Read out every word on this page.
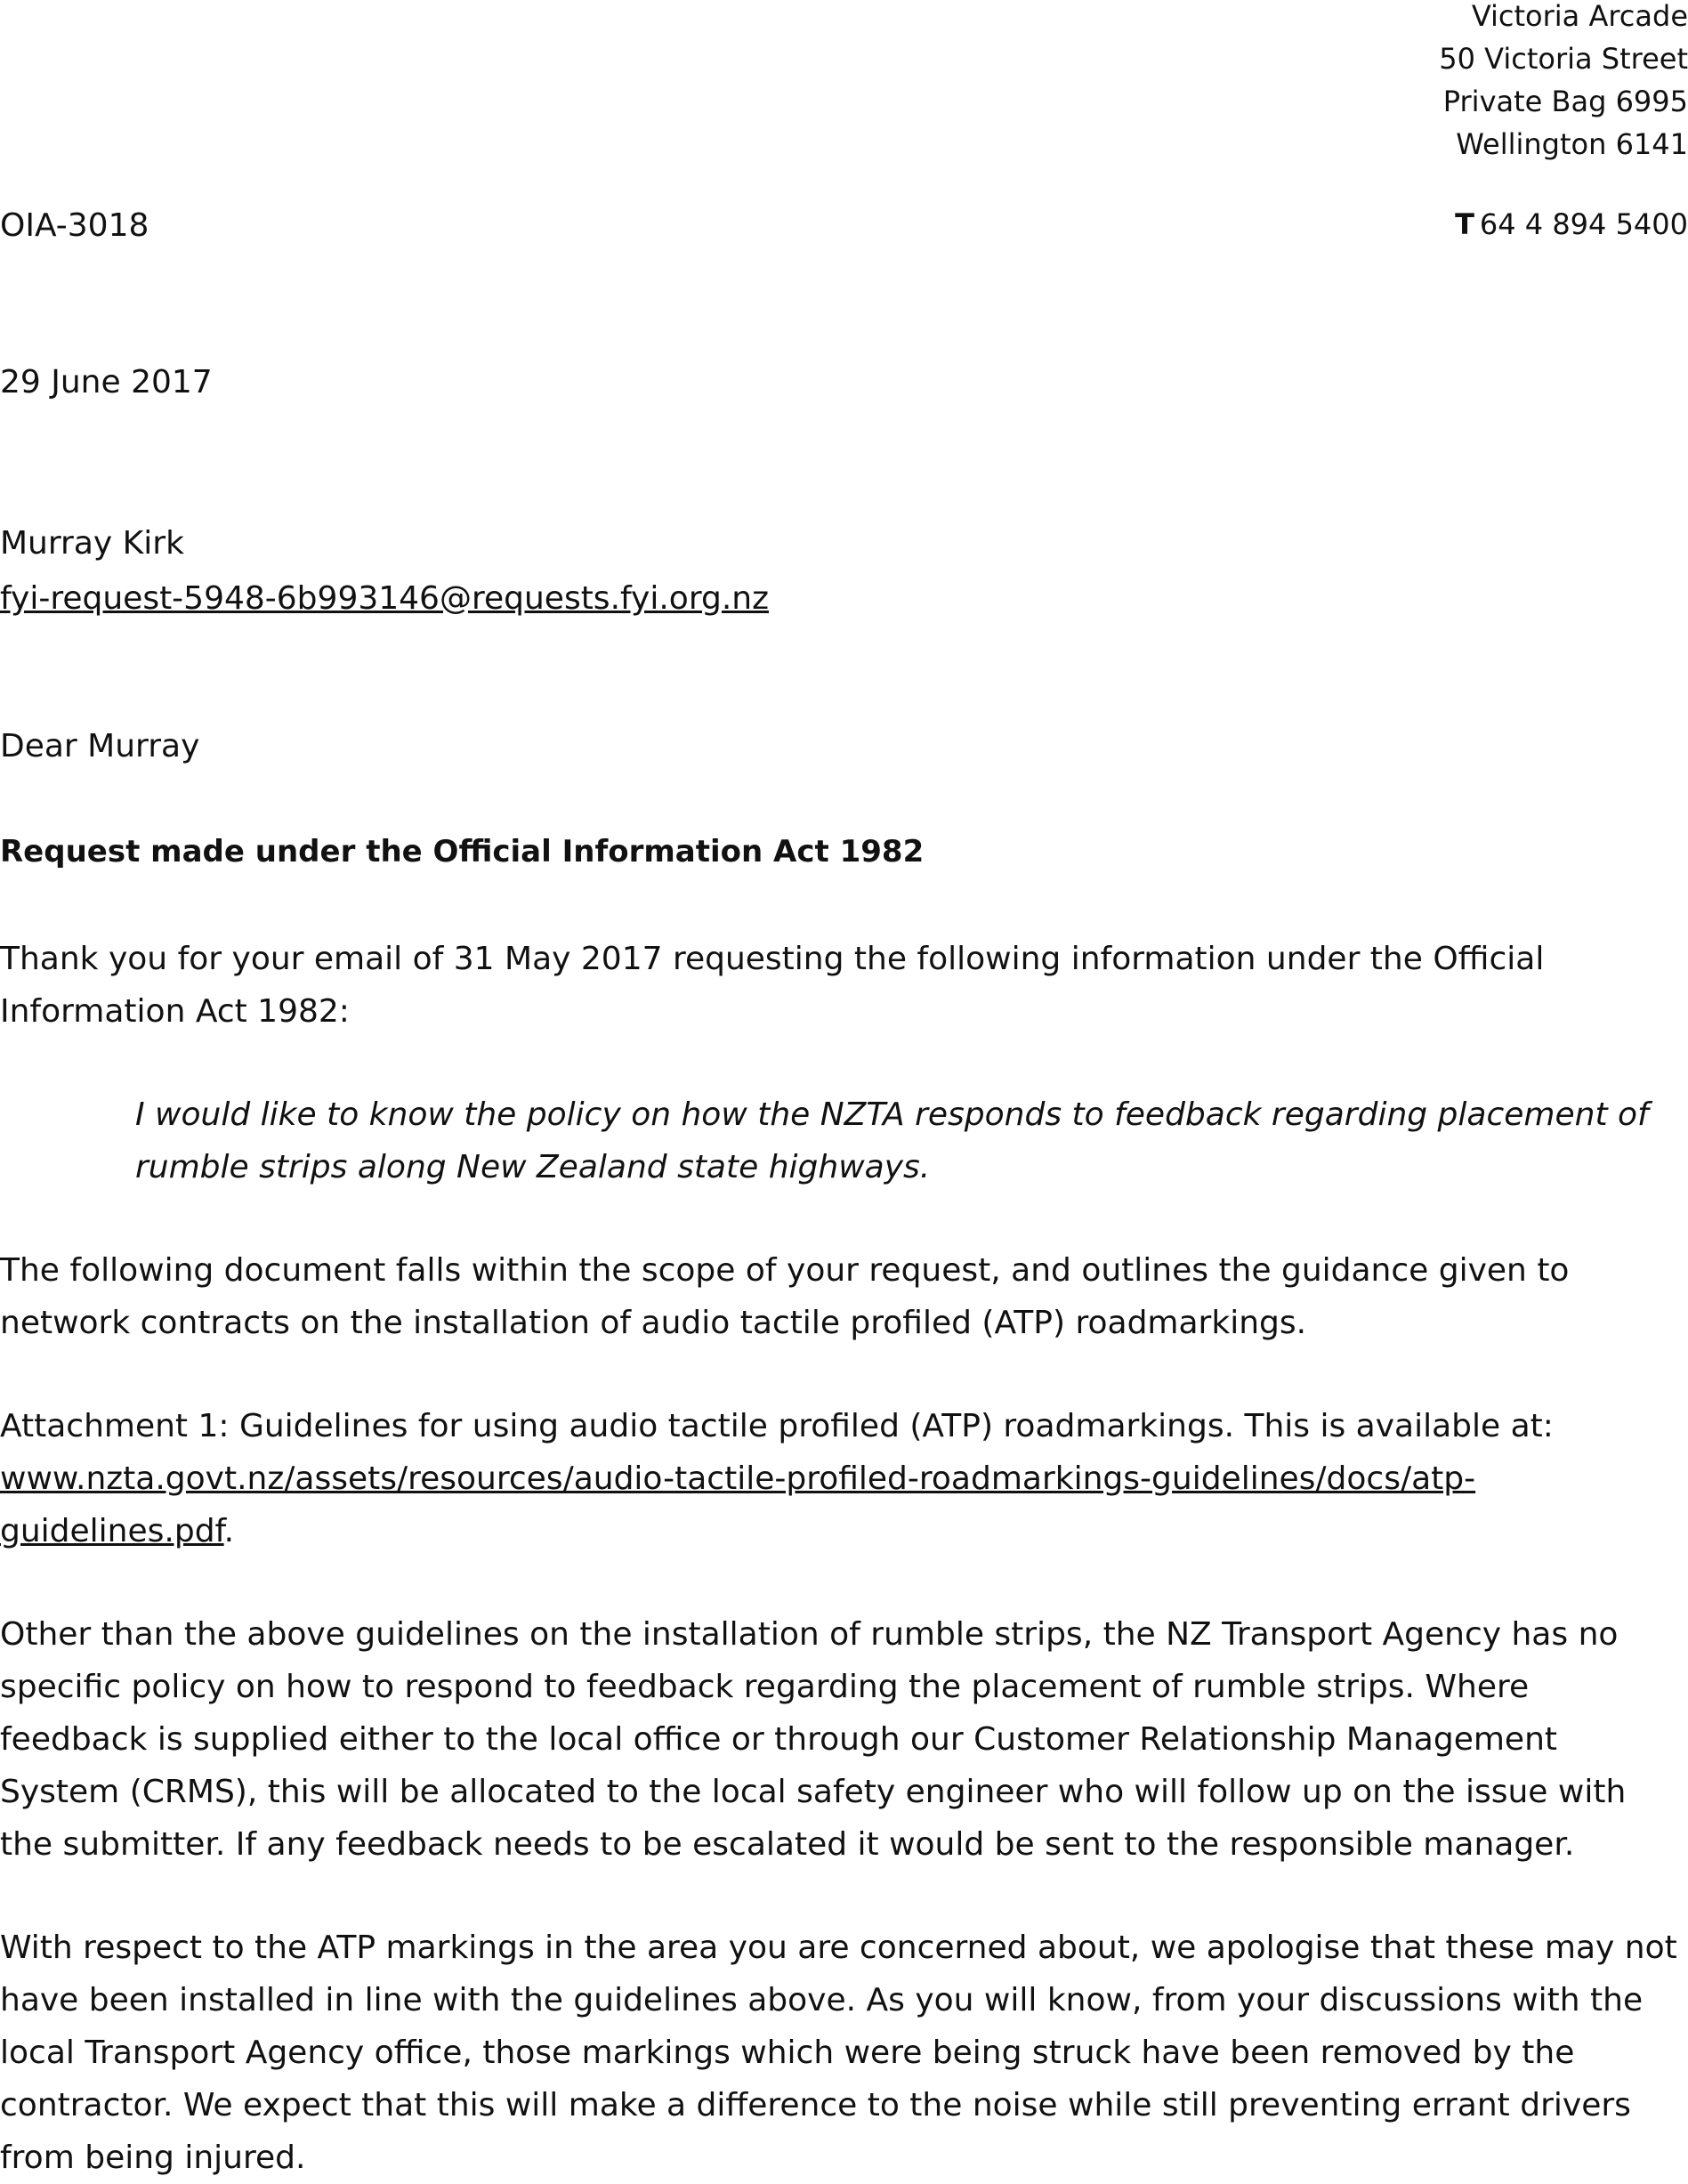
Victoria Arcade
50 Victoria Street
Private Bag 6995
Wellington 6141
T 64 4 894 5400
OIA-3018
29 June 2017
Murray Kirk
fyi-request-5948-6b993146@requests.fyi.org.nz
Dear Murray
Request made under the Official Information Act 1982

Thank you for your email of 31 May 2017 requesting the following information under the Official Information Act 1982:

I would like to know the policy on how the NZTA responds to feedback regarding placement of rumble strips along New Zealand state highways.

The following document falls within the scope of your request, and outlines the guidance given to network contracts on the installation of audio tactile profiled (ATP) roadmarkings.

Attachment 1: Guidelines for using audio tactile profiled (ATP) roadmarkings. This is available at:
www.nzta.govt.nz/assets/resources/audio-tactile-profiled-roadmarkings-guidelines/docs/atp-guidelines.pdf.

Other than the above guidelines on the installation of rumble strips, the NZ Transport Agency has no specific policy on how to respond to feedback regarding the placement of rumble strips. Where feedback is supplied either to the local office or through our Customer Relationship Management System (CRMS), this will be allocated to the local safety engineer who will follow up on the issue with the submitter. If any feedback needs to be escalated it would be sent to the responsible manager.

With respect to the ATP markings in the area you are concerned about, we apologise that these may not have been installed in line with the guidelines above. As you will know, from your discussions with the local Transport Agency office, those markings which were being struck have been removed by the contractor. We expect that this will make a difference to the noise while still preventing errant drivers from being injured.
